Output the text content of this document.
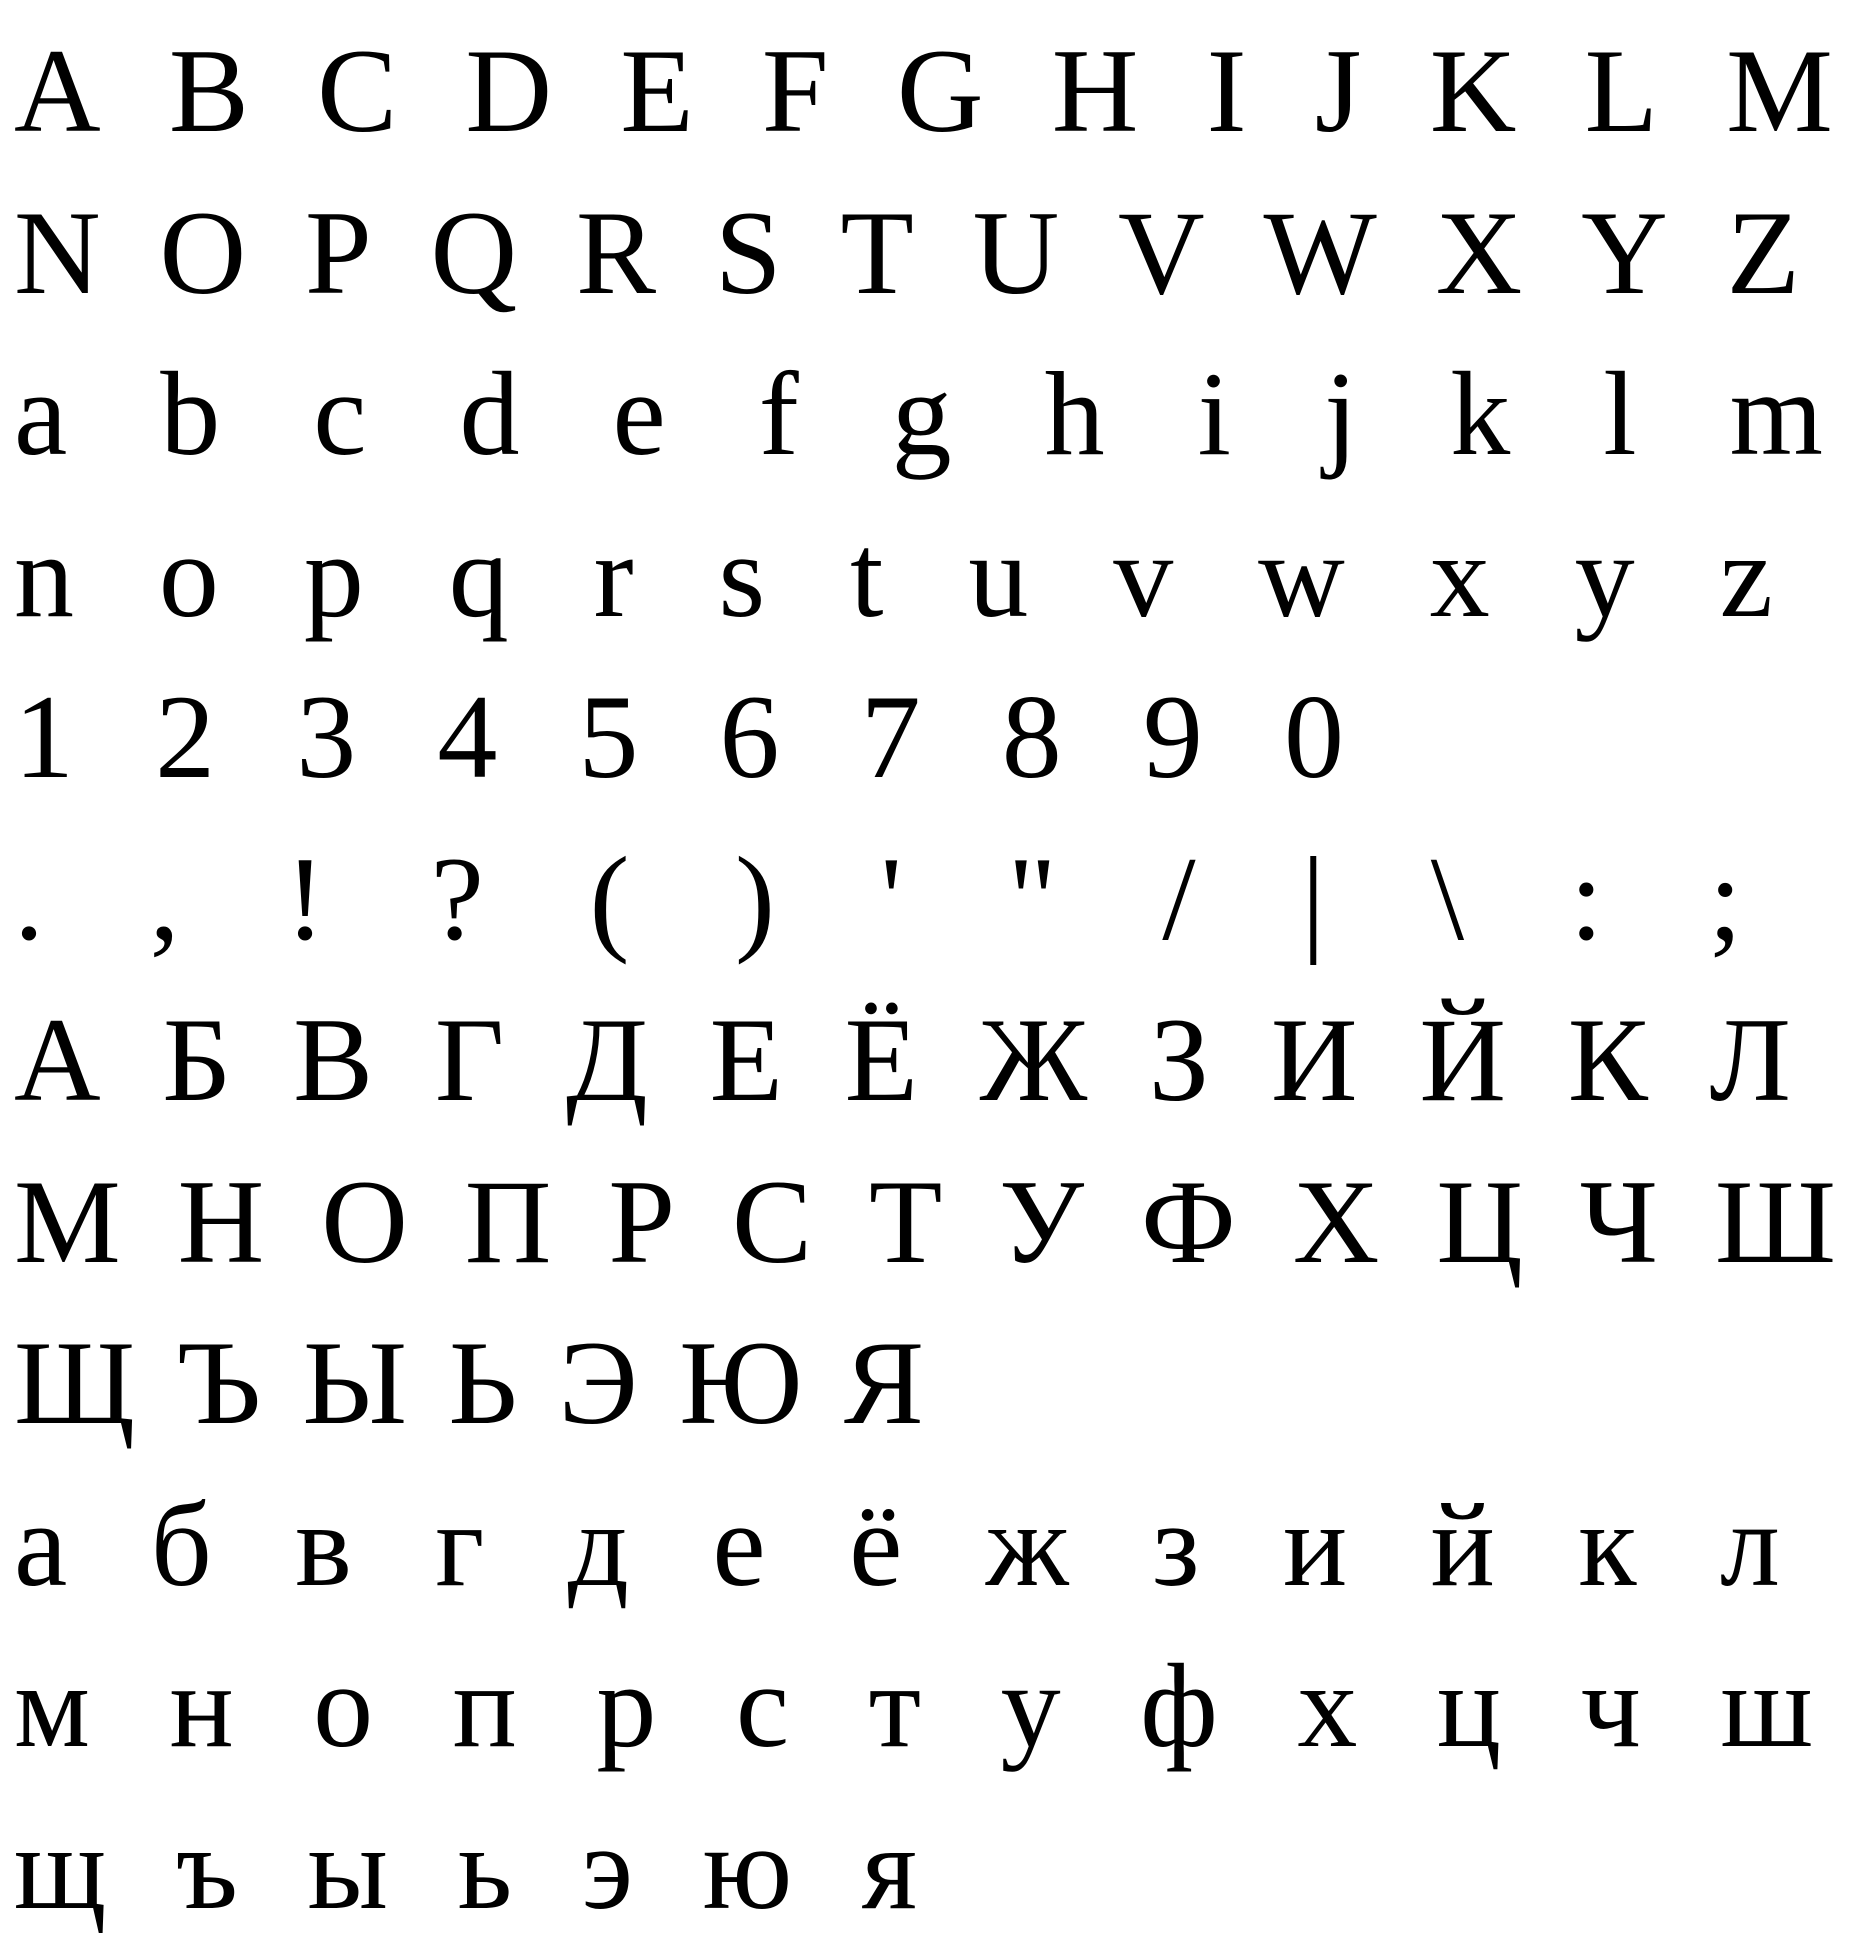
A B C D E F G H I J K L M
N O P Q R S T U V W X Y Z
a b c d e f g h i j k l m
n o p q r s t u v w x y z
1 2 3 4 5 6 7 8 9 0
. , ! ? ( ) ' " / | \ : ;
А Б В Г Д Е Ё Ж З И Й К Л
М Н О П Р С Т У Ф Х Ц Ч Ш
Щ Ъ Ы Ь Э Ю Я
а б в г д е ё ж з и й к л
м н о п р с т у ф х ц ч ш
щ ъ ы ь э ю я
